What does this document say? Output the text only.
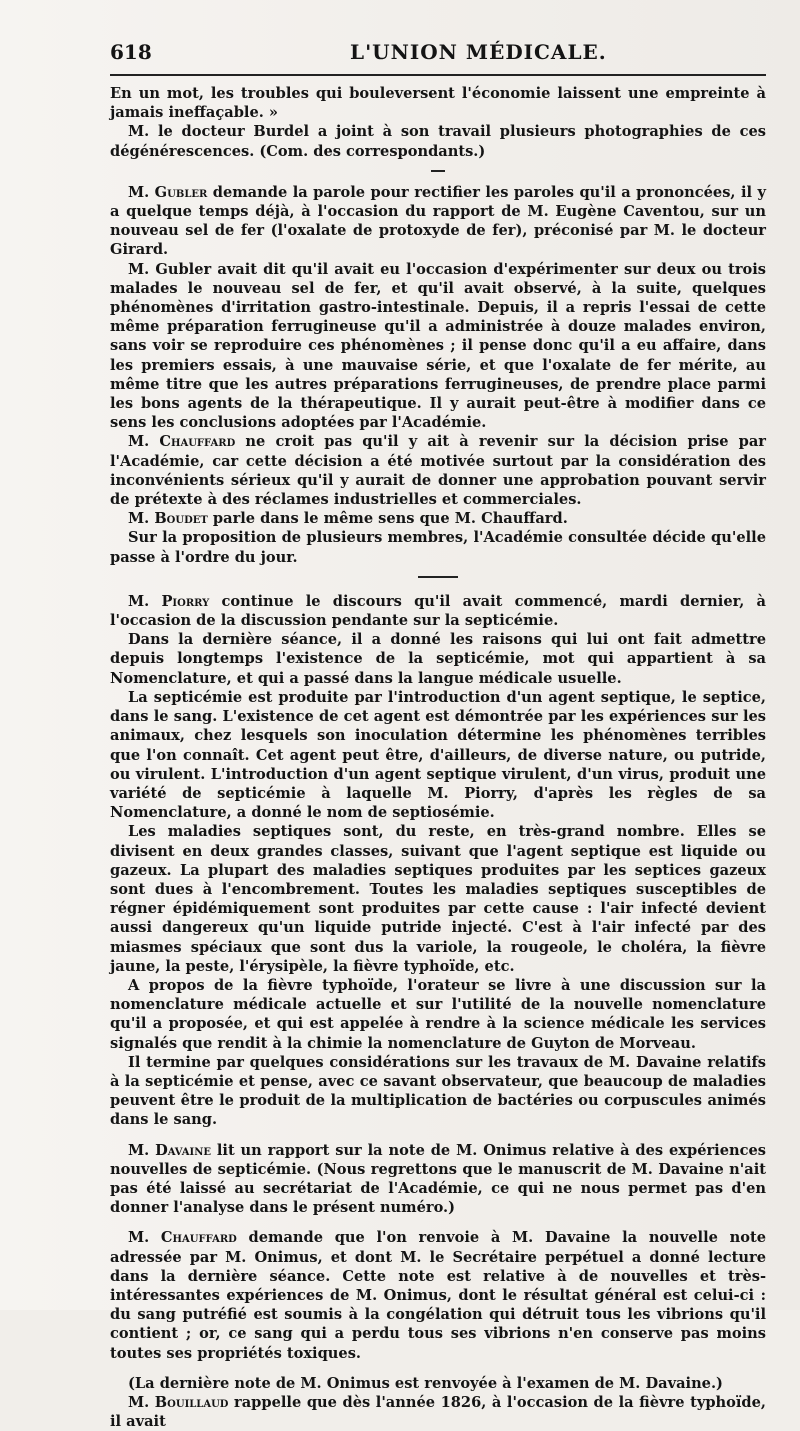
618	L'UNION MÉDICALE.

En un mot, les troubles qui bouleversent l'économie laissent une empreinte à jamais ineffaçable. »

M. le docteur Burdel a joint à son travail plusieurs photographies de ces dégénérescences. (Com. des correspondants.)

M. Gubler demande la parole pour rectifier les paroles qu'il a prononcées, il y a quelque temps déjà, à l'occasion du rapport de M. Eugène Caventou, sur un nouveau sel de fer (l'oxalate de protoxyde de fer), préconisé par M. le docteur Girard.

M. Gubler avait dit qu'il avait eu l'occasion d'expérimenter sur deux ou trois malades le nouveau sel de fer, et qu'il avait observé, à la suite, quelques phénomènes d'irritation gastro-intestinale. Depuis, il a repris l'essai de cette même préparation ferrugineuse qu'il a administrée à douze malades environ, sans voir se reproduire ces phénomènes ; il pense donc qu'il a eu affaire, dans les premiers essais, à une mauvaise série, et que l'oxalate de fer mérite, au même titre que les autres préparations ferrugineuses, de prendre place parmi les bons agents de la thérapeutique. Il y aurait peut-être à modifier dans ce sens les conclusions adoptées par l'Académie.

M. Chauffard ne croit pas qu'il y ait à revenir sur la décision prise par l'Académie, car cette décision a été motivée surtout par la considération des inconvénients sérieux qu'il y aurait de donner une approbation pouvant servir de prétexte à des réclames industrielles et commerciales.

M. Boudet parle dans le même sens que M. Chauffard.

Sur la proposition de plusieurs membres, l'Académie consultée décide qu'elle passe à l'ordre du jour.

M. Piorry continue le discours qu'il avait commencé, mardi dernier, à l'occasion de la discussion pendante sur la septicémie.

Dans la dernière séance, il a donné les raisons qui lui ont fait admettre depuis longtemps l'existence de la septicémie, mot qui appartient à sa Nomenclature, et qui a passé dans la langue médicale usuelle.

La septicémie est produite par l'introduction d'un agent septique, le septice, dans le sang. L'existence de cet agent est démontrée par les expériences sur les animaux, chez lesquels son inoculation détermine les phénomènes terribles que l'on connaît. Cet agent peut être, d'ailleurs, de diverse nature, ou putride, ou virulent. L'introduction d'un agent septique virulent, d'un virus, produit une variété de septicémie à laquelle M. Piorry, d'après les règles de sa Nomenclature, a donné le nom de septiosémie.

Les maladies septiques sont, du reste, en très-grand nombre. Elles se divisent en deux grandes classes, suivant que l'agent septique est liquide ou gazeux. La plupart des maladies septiques produites par les septices gazeux sont dues à l'encombrement. Toutes les maladies septiques susceptibles de régner épidémiquement sont produites par cette cause : l'air infecté devient aussi dangereux qu'un liquide putride injecté. C'est à l'air infecté par des miasmes spéciaux que sont dus la variole, la rougeole, le choléra, la fièvre jaune, la peste, l'érysipèle, la fièvre typhoïde, etc.

A propos de la fièvre typhoïde, l'orateur se livre à une discussion sur la nomenclature médicale actuelle et sur l'utilité de la nouvelle nomenclature qu'il a proposée, et qui est appelée à rendre à la science médicale les services signalés que rendit à la chimie la nomenclature de Guyton de Morveau.

Il termine par quelques considérations sur les travaux de M. Davaine relatifs à la septicémie et pense, avec ce savant observateur, que beaucoup de maladies peuvent être le produit de la multiplication de bactéries ou corpuscules animés dans le sang.

M. Davaine lit un rapport sur la note de M. Onimus relative à des expériences nouvelles de septicémie. (Nous regrettons que le manuscrit de M. Davaine n'ait pas été laissé au secrétariat de l'Académie, ce qui ne nous permet pas d'en donner l'analyse dans le présent numéro.)

M. Chauffard demande que l'on renvoie à M. Davaine la nouvelle note adressée par M. Onimus, et dont M. le Secrétaire perpétuel a donné lecture dans la dernière séance. Cette note est relative à de nouvelles et très-intéressantes expériences de M. Onimus, dont le résultat général est celui-ci : du sang putréfié est soumis à la congélation qui détruit tous les vibrions qu'il contient ; or, ce sang qui a perdu tous ses vibrions n'en conserve pas moins toutes ses propriétés toxiques.

(La dernière note de M. Onimus est renvoyée à l'examen de M. Davaine.)

M. Bouillaud rappelle que dès l'année 1826, à l'occasion de la fièvre typhoïde, il avait
